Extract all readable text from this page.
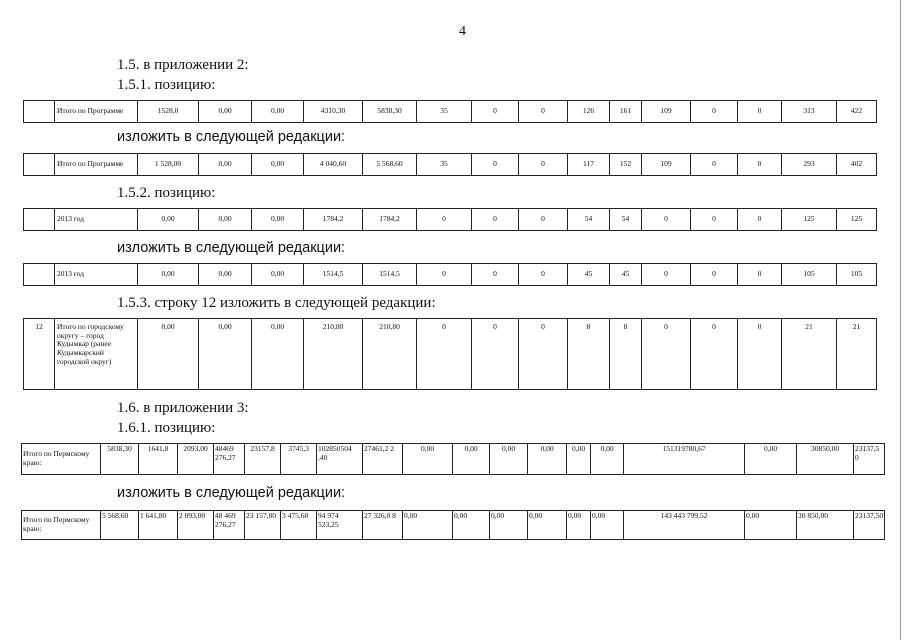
4
1.5. в приложении 2:
1.5.1. позицию:
	Итого по Программе	1528,0	0,00	0,00	4310,30	5838,30	35	0	0	126	161	109	0	0	313	422
изложить в следующей редакции:
	Итого по Программе	1 528,00	0,00	0,00	4 040,60	5 568,60	35	0	0	117	152	109	0	0	293	402
1.5.2. позицию:
	2013 год	0,00	0,00	0,00	1784,2	1784,2	0	0	0	54	54	0	0	0	125	125
изложить в следующей редакции:
	2013 год	0,00	0,00	0,00	1514,5	1514,5	0	0	0	45	45	0	0	0	105	105
1.5.3. строку 12 изложить в следующей редакции:
12	Итого по городскому округу – город Кудымкар (ранее Кудымкарский городской округ)	0,00	0,00	0,00	210,80	210,80	0	0	0	8	8	0	0	0	21	21
1.6. в приложении 3:
1.6.1. позицию:
Итого по Пермскому краю:	5838,30	1641,8	2093,00	48469 276,27	23157,8	3745,3	102850504 ,40	27461,2 2	0,00	0,00	0,00	0,00	0,00	0,00	151319780,67	0,00	30850,00	23137,5 0
изложить в следующей редакции:
Итого по Пермскому краю:	5 568,60	1 641,80	2 093,00	48 469 276,27	23 157,80	3 475,60	94 974 523,25	27 326,0 8	0,00	0,00	0,00	0,00	0,00	0,00	143 443 799,52	0,00	30 850,00	23137,50
